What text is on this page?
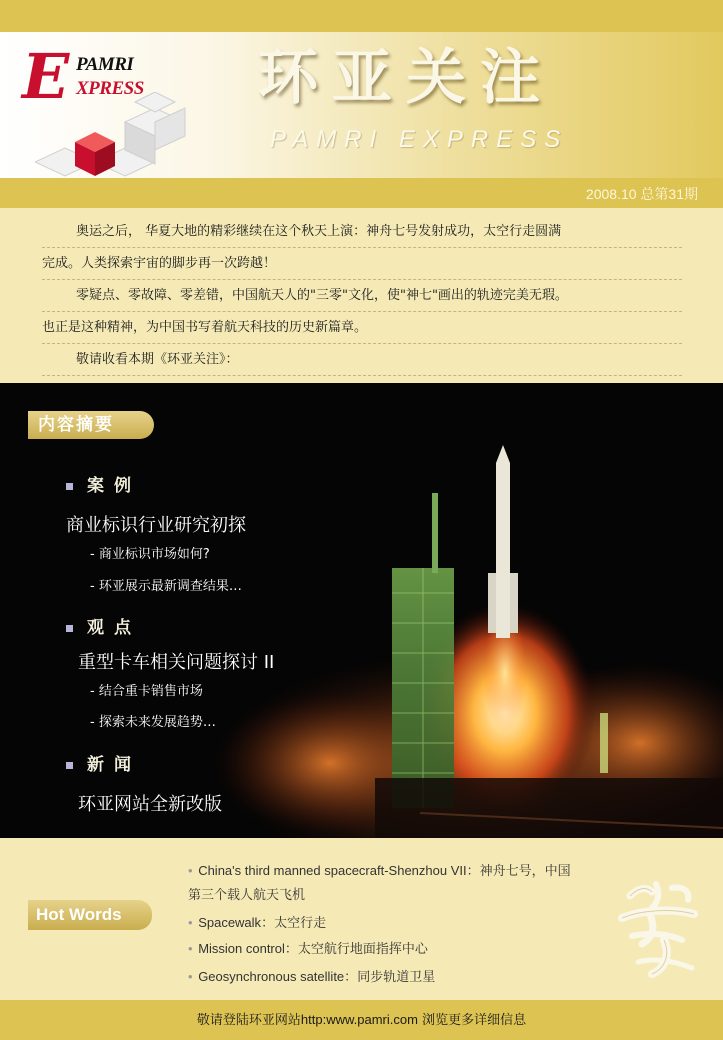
E PAMRI
XPRESS 环亚关注
PAMRI EXPRESS
2008.10 总第31期
奥运之后， 华夏大地的精彩继续在这个秋天上演：神舟七号发射成功，太空行走圆满
完成。人类探索宇宙的脚步再一次跨越！
零疑点、零故障、零差错，中国航天人的"三零"文化，使"神七"画出的轨迹完美无瑕。
也正是这种精神，为中国书写着航天科技的历史新篇章。
敬请收看本期《环亚关注》：
内容摘要
案例
商业标识行业研究初探
- 商业标识市场如何?
- 环亚展示最新调查结果…
观点
重型卡车相关问题探讨 II
- 结合重卡销售市场
- 探索未来发展趋势…
新闻
环亚网站全新改版
Hot Words
• China's third manned spacecraft-Shenzhou VII：神舟七号，中国
第三个载人航天飞机
• Spacewalk：太空行走
• Mission control：太空航行地面指挥中心
• Geosynchronous satellite：同步轨道卫星
敬请登陆环亚网站http:www.pamri.com 浏览更多详细信息
